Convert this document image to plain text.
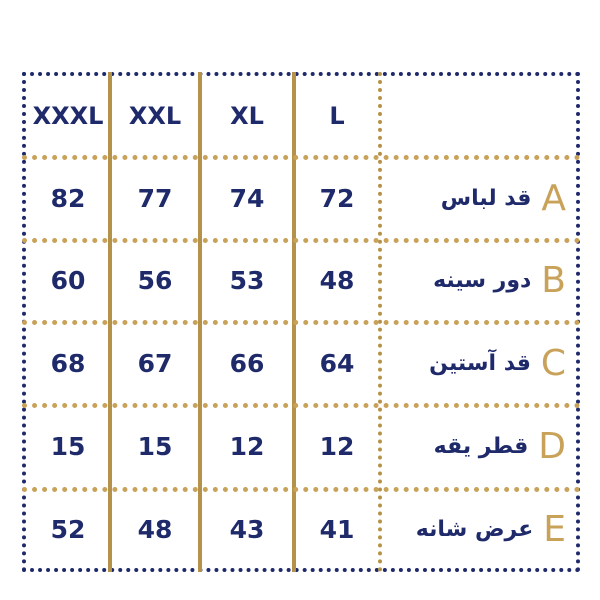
XXXL	XXL	XL	L
82	77	74	72	قد لباس A
60	56	53	48	دور سینه B
68	67	66	64	قد آستین C
15	15	12	12	قطر یقه D
52	48	43	41	عرض شانه E
